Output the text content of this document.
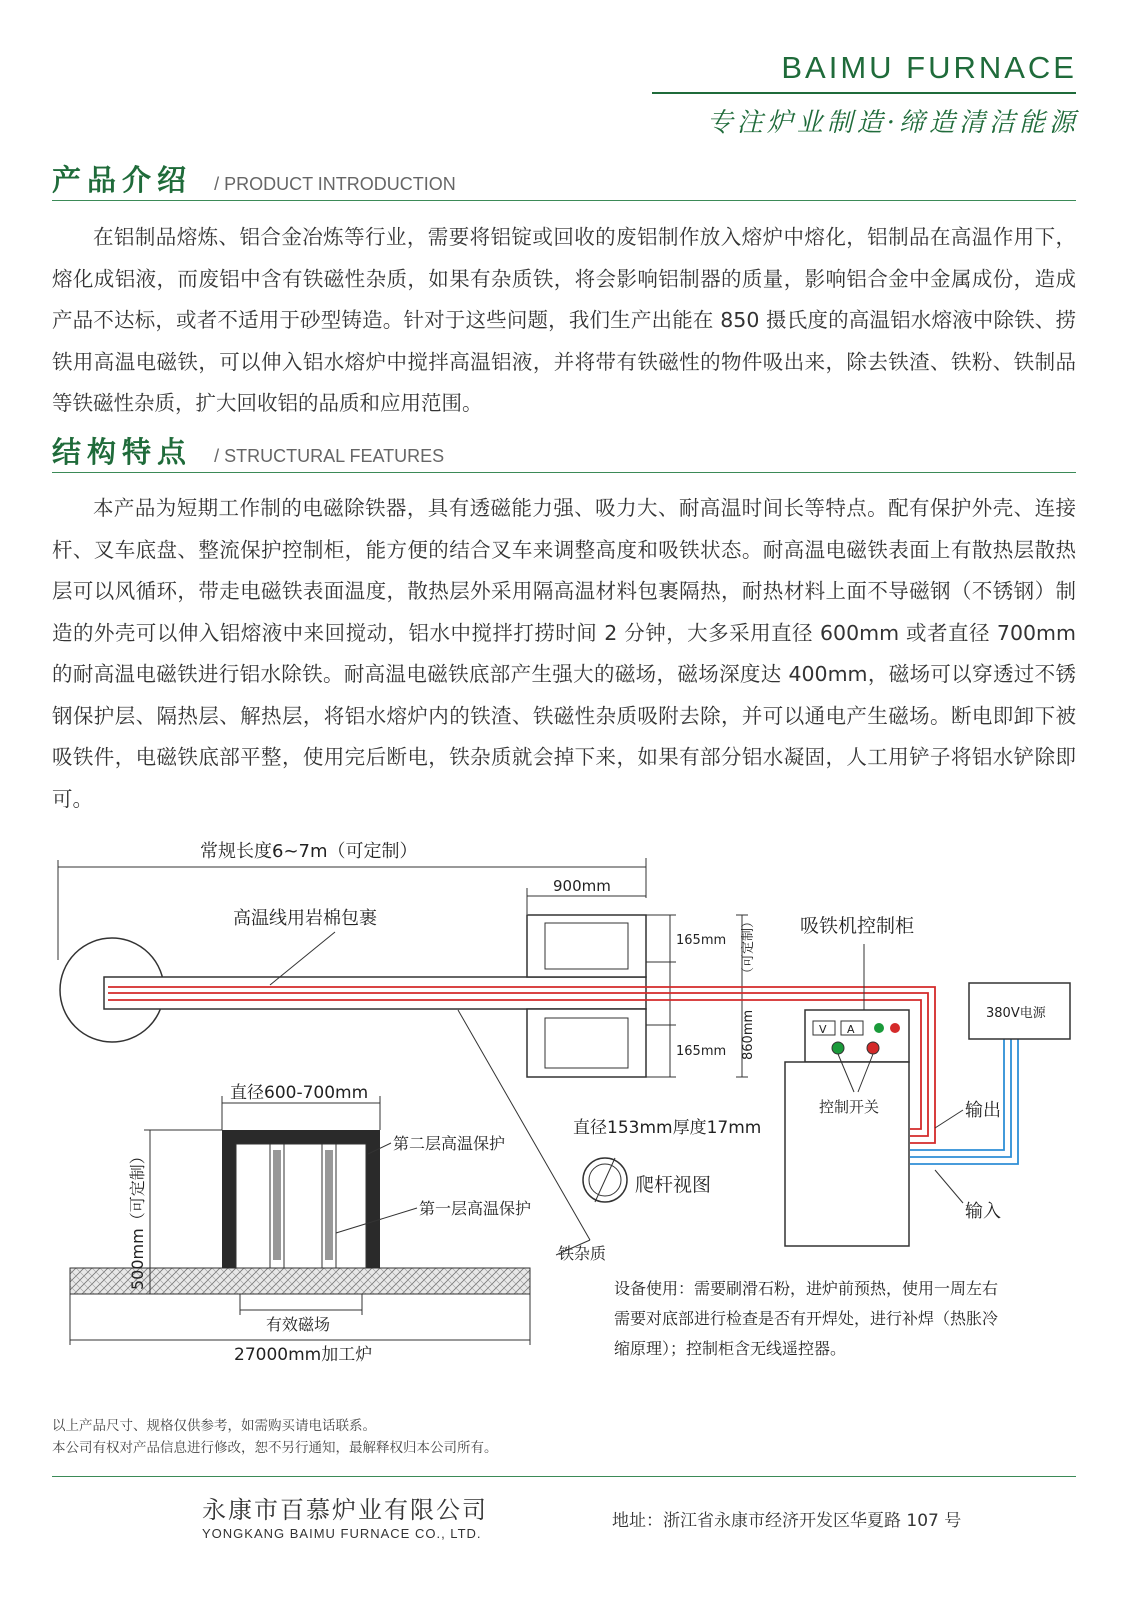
BAIMU FURNACE
专注炉业制造·缔造清洁能源
产品介绍 / PRODUCT INTRODUCTION

在铝制品熔炼、铝合金冶炼等行业，需要将铝锭或回收的废铝制作放入熔炉中熔化，铝制品在高温作用下，熔化成铝液，而废铝中含有铁磁性杂质，如果有杂质铁，将会影响铝制器的质量，影响铝合金中金属成份，造成产品不达标，或者不适用于砂型铸造。针对于这些问题，我们生产出能在 850 摄氏度的高温铝水熔液中除铁、捞铁用高温电磁铁，可以伸入铝水熔炉中搅拌高温铝液，并将带有铁磁性的物件吸出来，除去铁渣、铁粉、铁制品等铁磁性杂质，扩大回收铝的品质和应用范围。

结构特点 / STRUCTURAL FEATURES

本产品为短期工作制的电磁除铁器，具有透磁能力强、吸力大、耐高温时间长等特点。配有保护外壳、连接杆、叉车底盘、整流保护控制柜，能方便的结合叉车来调整高度和吸铁状态。耐高温电磁铁表面上有散热层散热层可以风循环，带走电磁铁表面温度，散热层外采用隔高温材料包裹隔热，耐热材料上面不导磁钢（不锈钢）制造的外壳可以伸入铝熔液中来回搅动，铝水中搅拌打捞时间 2 分钟，大多采用直径 600mm 或者直径 700mm 的耐高温电磁铁进行铝水除铁。耐高温电磁铁底部产生强大的磁场，磁场深度达 400mm，磁场可以穿透过不锈钢保护层、隔热层、解热层，将铝水熔炉内的铁渣、铁磁性杂质吸附去除，并可以通电产生磁场。断电即卸下被吸铁件，电磁铁底部平整，使用完后断电，铁杂质就会掉下来，如果有部分铝水凝固，人工用铲子将铝水铲除即可。

常规长度6~7m（可定制）
900mm
165mm
165mm 860mm
（可定制）
高温线用岩棉包裹
380V电源
V A
控制开关
吸铁机控制柜
输出
输入
直径153mm厚度17mm
爬杆视图
直径600-700mm
第二层高温保护
第一层高温保护
铁杂质
500mm（可定制）
有效磁场
27000mm加工炉
设备使用：需要刷滑石粉，进炉前预热，使用一周左右
需要对底部进行检查是否有开焊处，进行补焊（热胀冷
缩原理）；控制柜含无线遥控器。
以上产品尺寸、规格仅供参考，如需购买请电话联系。
本公司有权对产品信息进行修改，恕不另行通知，最解释权归本公司所有。
永康市百慕炉业有限公司
YONGKANG BAIMU FURNACE CO., LTD.
地址：浙江省永康市经济开发区华夏路 107 号
